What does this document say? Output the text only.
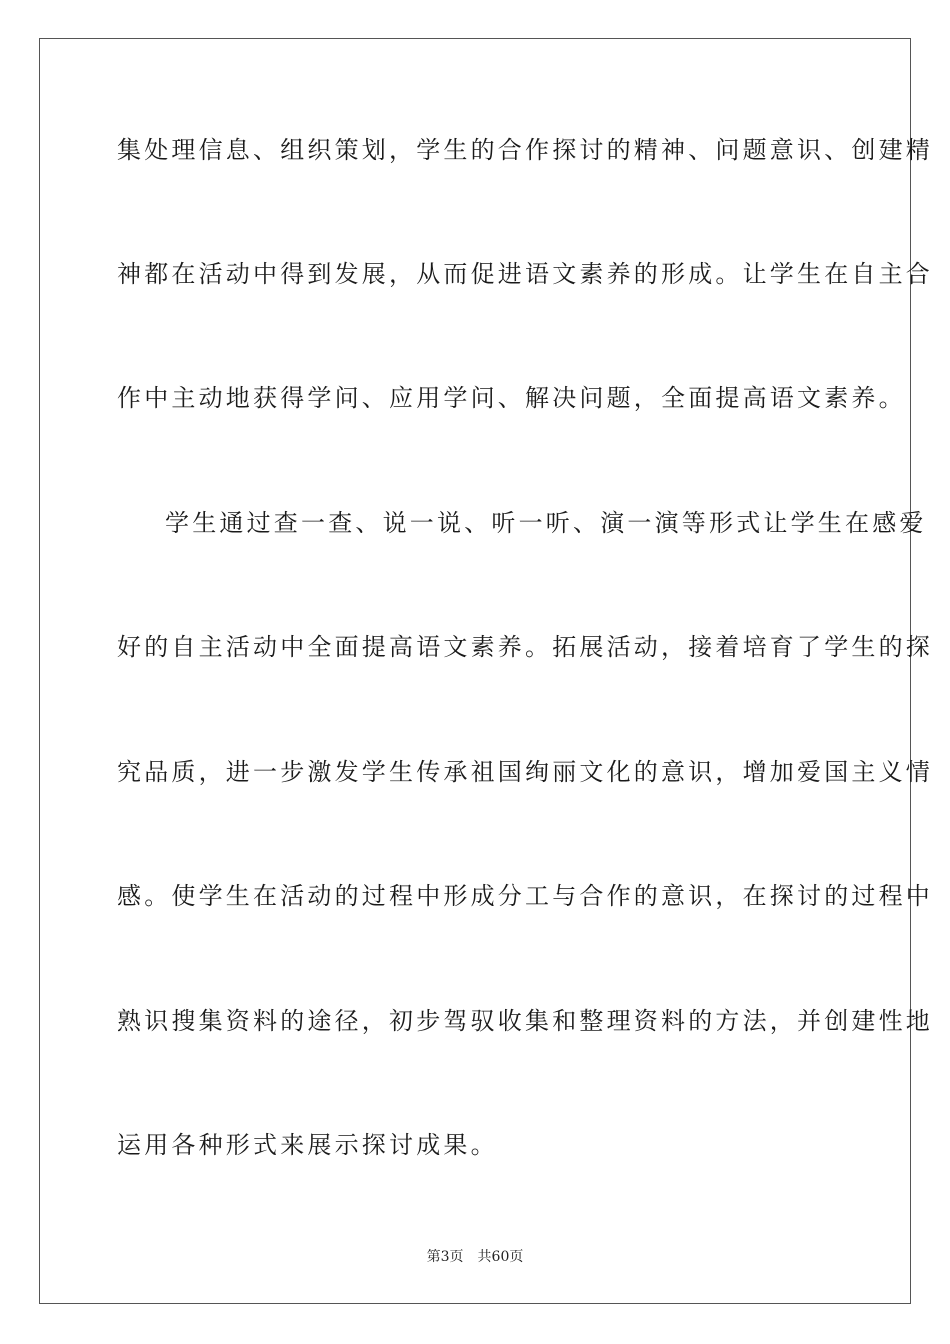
集处理信息、组织策划，学生的合作探讨的精神、问题意识、创建精
神都在活动中得到发展，从而促进语文素养的形成。让学生在自主合
作中主动地获得学问、应用学问、解决问题，全面提高语文素养。
学生通过查一查、说一说、听一听、演一演等形式让学生在感爱
好的自主活动中全面提高语文素养。拓展活动，接着培育了学生的探
究品质，进一步激发学生传承祖国绚丽文化的意识，增加爱国主义情
感。使学生在活动的过程中形成分工与合作的意识，在探讨的过程中
熟识搜集资料的途径，初步驾驭收集和整理资料的方法，并创建性地
运用各种形式来展示探讨成果。
第3页 共60页
